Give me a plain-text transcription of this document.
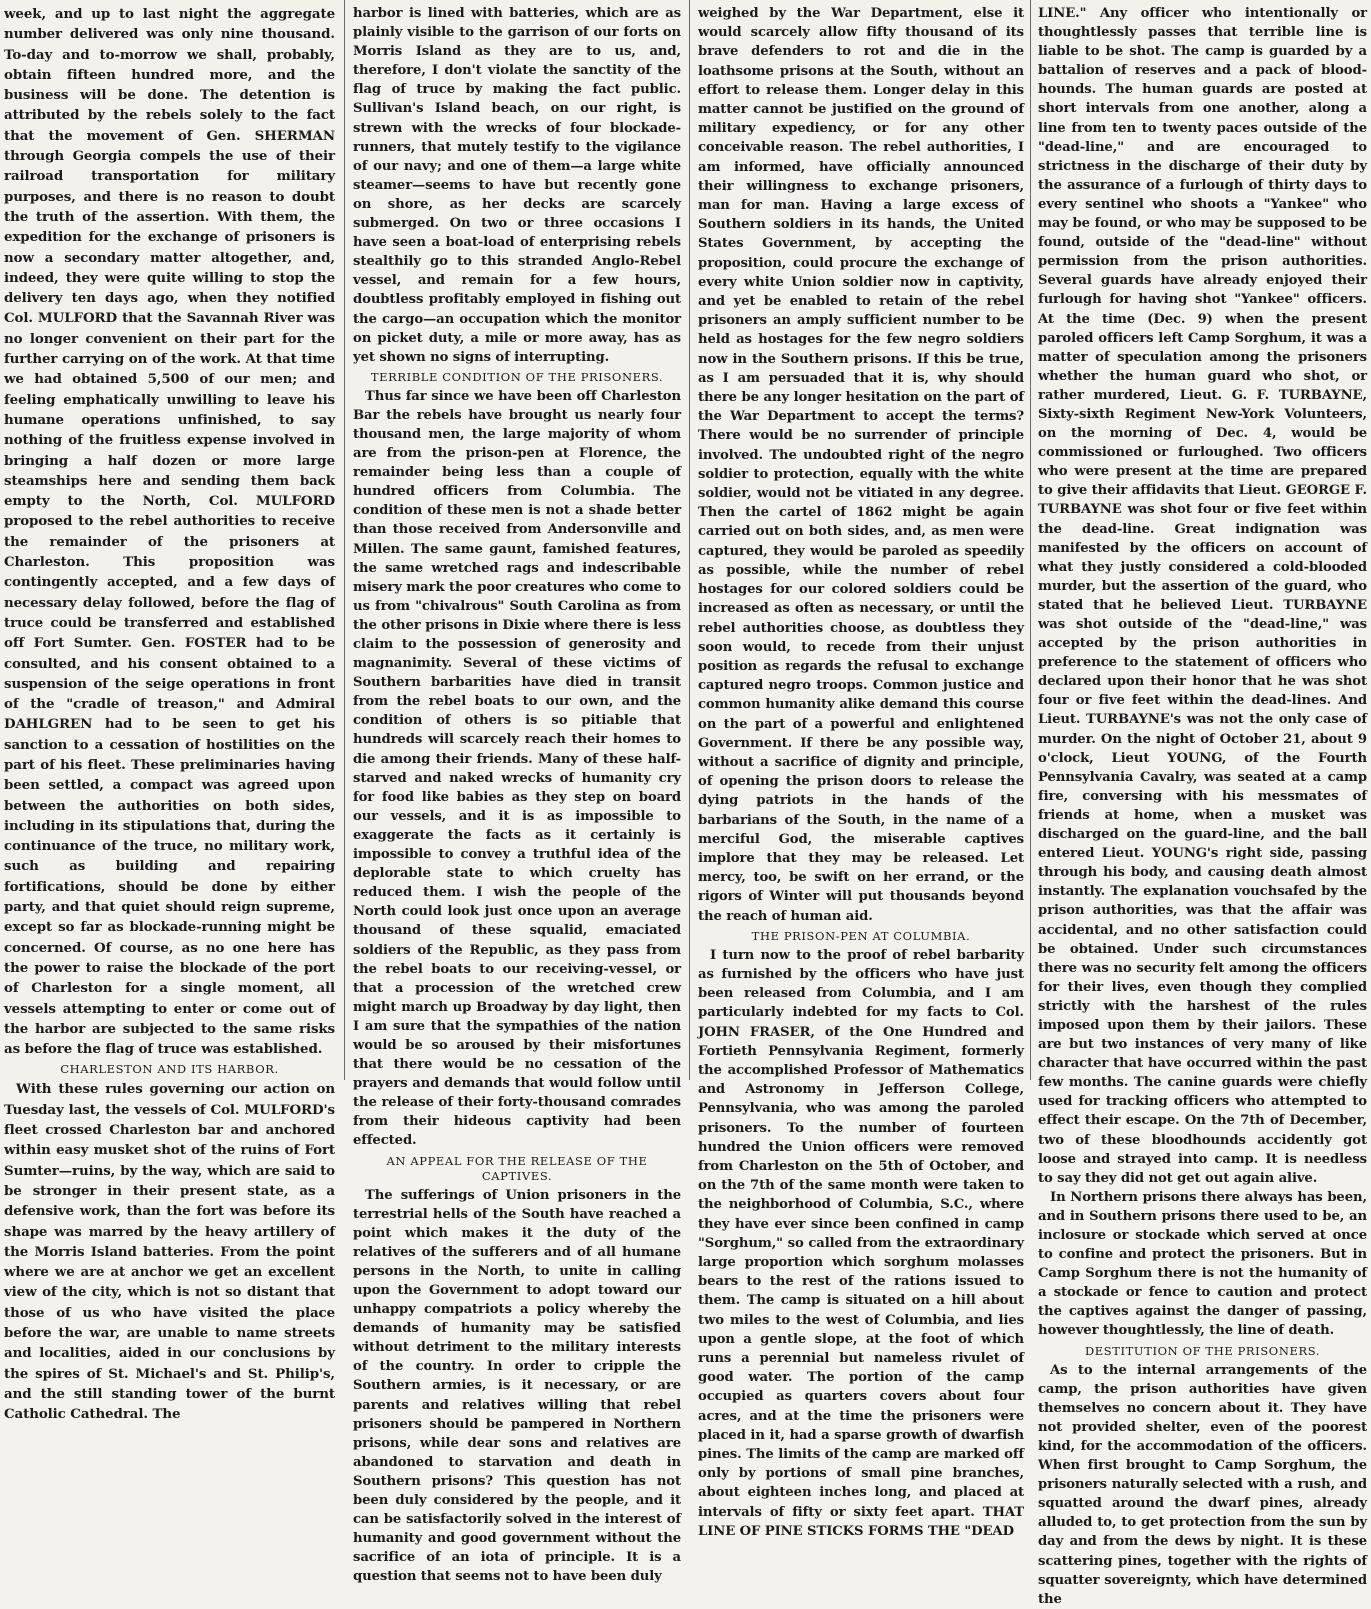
week, and up to last night the aggregate number delivered was only nine thousand. To-day and to-morrow we shall, probably, obtain fifteen hundred more, and the business will be done. The detention is attributed by the rebels solely to the fact that the movement of Gen. SHERMAN through Georgia compels the use of their railroad transportation for military purposes, and there is no reason to doubt the truth of the assertion. With them, the expedition for the exchange of prisoners is now a secondary matter altogether, and, indeed, they were quite willing to stop the delivery ten days ago, when they notified Col. MULFORD that the Savannah River was no longer convenient on their part for the further carrying on of the work. At that time we had obtained 5,500 of our men; and feeling emphatically unwilling to leave his humane operations unfinished, to say nothing of the fruitless expense involved in bringing a half dozen or more large steamships here and sending them back empty to the North, Col. MULFORD proposed to the rebel authorities to receive the remainder of the prisoners at Charleston. This proposition was contingently accepted, and a few days of necessary delay followed, before the flag of truce could be transferred and established off Fort Sumter. Gen. FOSTER had to be consulted, and his consent obtained to a suspension of the seige operations in front of the "cradle of treason," and Admiral DAHLGREN had to be seen to get his sanction to a cessation of hostilities on the part of his fleet. These preliminaries having been settled, a compact was agreed upon between the authorities on both sides, including in its stipulations that, during the continuance of the truce, no military work, such as building and repairing fortifications, should be done by either party, and that quiet should reign supreme, except so far as blockade-running might be concerned. Of course, as no one here has the power to raise the blockade of the port of Charleston for a single moment, all vessels attempting to enter or come out of the harbor are subjected to the same risks as before the flag of truce was established.

CHARLESTON AND ITS HARBOR.

With these rules governing our action on Tuesday last, the vessels of Col. MULFORD's fleet crossed Charleston bar and anchored within easy musket shot of the ruins of Fort Sumter—ruins, by the way, which are said to be stronger in their present state, as a defensive work, than the fort was before its shape was marred by the heavy artillery of the Morris Island batteries. From the point where we are at anchor we get an excellent view of the city, which is not so distant that those of us who have visited the place before the war, are unable to name streets and localities, aided in our conclusions by the spires of St. Michael's and St. Philip's, and the still standing tower of the burnt Catholic Cathedral. The

harbor is lined with batteries, which are as plainly visible to the garrison of our forts on Morris Island as they are to us, and, therefore, I don't violate the sanctity of the flag of truce by making the fact public. Sullivan's Island beach, on our right, is strewn with the wrecks of four blockade-runners, that mutely testify to the vigilance of our navy; and one of them—a large white steamer—seems to have but recently gone on shore, as her decks are scarcely submerged. On two or three occasions I have seen a boat-load of enterprising rebels stealthily go to this stranded Anglo-Rebel vessel, and remain for a few hours, doubtless profitably employed in fishing out the cargo—an occupation which the monitor on picket duty, a mile or more away, has as yet shown no signs of interrupting.

TERRIBLE CONDITION OF THE PRISONERS.

Thus far since we have been off Charleston Bar the rebels have brought us nearly four thousand men, the large majority of whom are from the prison-pen at Florence, the remainder being less than a couple of hundred officers from Columbia. The condition of these men is not a shade better than those received from Andersonville and Millen. The same gaunt, famished features, the same wretched rags and indescribable misery mark the poor creatures who come to us from "chivalrous" South Carolina as from the other prisons in Dixie where there is less claim to the possession of generosity and magnanimity. Several of these victims of Southern barbarities have died in transit from the rebel boats to our own, and the condition of others is so pitiable that hundreds will scarcely reach their homes to die among their friends. Many of these half-starved and naked wrecks of humanity cry for food like babies as they step on board our vessels, and it is as impossible to exaggerate the facts as it certainly is impossible to convey a truthful idea of the deplorable state to which cruelty has reduced them. I wish the people of the North could look just once upon an average thousand of these squalid, emaciated soldiers of the Republic, as they pass from the rebel boats to our receiving-vessel, or that a procession of the wretched crew might march up Broadway by day light, then I am sure that the sympathies of the nation would be so aroused by their misfortunes that there would be no cessation of the prayers and demands that would follow until the release of their forty-thousand comrades from their hideous captivity had been effected.

AN APPEAL FOR THE RELEASE OF THE CAPTIVES.

The sufferings of Union prisoners in the terrestrial hells of the South have reached a point which makes it the duty of the relatives of the sufferers and of all humane persons in the North, to unite in calling upon the Government to adopt toward our unhappy compatriots a policy whereby the demands of humanity may be satisfied without detriment to the military interests of the country. In order to cripple the Southern armies, is it necessary, or are parents and relatives willing that rebel prisoners should be pampered in Northern prisons, while dear sons and relatives are abandoned to starvation and death in Southern prisons? This question has not been duly considered by the people, and it can be satisfactorily solved in the interest of humanity and good government without the sacrifice of an iota of principle. It is a question that seems not to have been duly

weighed by the War Department, else it would scarcely allow fifty thousand of its brave defenders to rot and die in the loathsome prisons at the South, without an effort to release them. Longer delay in this matter cannot be justified on the ground of military expediency, or for any other conceivable reason. The rebel authorities, I am informed, have officially announced their willingness to exchange prisoners, man for man. Having a large excess of Southern soldiers in its hands, the United States Government, by accepting the proposition, could procure the exchange of every white Union soldier now in captivity, and yet be enabled to retain of the rebel prisoners an amply sufficient number to be held as hostages for the few negro soldiers now in the Southern prisons. If this be true, as I am persuaded that it is, why should there be any longer hesitation on the part of the War Department to accept the terms? There would be no surrender of principle involved. The undoubted right of the negro soldier to protection, equally with the white soldier, would not be vitiated in any degree. Then the cartel of 1862 might be again carried out on both sides, and, as men were captured, they would be paroled as speedily as possible, while the number of rebel hostages for our colored soldiers could be increased as often as necessary, or until the rebel authorities choose, as doubtless they soon would, to recede from their unjust position as regards the refusal to exchange captured negro troops. Common justice and common humanity alike demand this course on the part of a powerful and enlightened Government. If there be any possible way, without a sacrifice of dignity and principle, of opening the prison doors to release the dying patriots in the hands of the barbarians of the South, in the name of a merciful God, the miserable captives implore that they may be released. Let mercy, too, be swift on her errand, or the rigors of Winter will put thousands beyond the reach of human aid.

THE PRISON-PEN AT COLUMBIA.

I turn now to the proof of rebel barbarity as furnished by the officers who have just been released from Columbia, and I am particularly indebted for my facts to Col. JOHN FRASER, of the One Hundred and Fortieth Pennsylvania Regiment, formerly the accomplished Professor of Mathematics and Astronomy in Jefferson College, Pennsylvania, who was among the paroled prisoners. To the number of fourteen hundred the Union officers were removed from Charleston on the 5th of October, and on the 7th of the same month were taken to the neighborhood of Columbia, S.C., where they have ever since been confined in camp "Sorghum," so called from the extraordinary large proportion which sorghum molasses bears to the rest of the rations issued to them. The camp is situated on a hill about two miles to the west of Columbia, and lies upon a gentle slope, at the foot of which runs a perennial but nameless rivulet of good water. The portion of the camp occupied as quarters covers about four acres, and at the time the prisoners were placed in it, had a sparse growth of dwarfish pines. The limits of the camp are marked off only by portions of small pine branches, about eighteen inches long, and placed at intervals of fifty or sixty feet apart. THAT LINE OF PINE STICKS FORMS THE "DEAD

LINE." Any officer who intentionally or thoughtlessly passes that terrible line is liable to be shot. The camp is guarded by a battalion of reserves and a pack of blood-hounds. The human guards are posted at short intervals from one another, along a line from ten to twenty paces outside of the "dead-line," and are encouraged to strictness in the discharge of their duty by the assurance of a furlough of thirty days to every sentinel who shoots a "Yankee" who may be found, or who may be supposed to be found, outside of the "dead-line" without permission from the prison authorities. Several guards have already enjoyed their furlough for having shot "Yankee" officers. At the time (Dec. 9) when the present paroled officers left Camp Sorghum, it was a matter of speculation among the prisoners whether the human guard who shot, or rather murdered, Lieut. G. F. TURBAYNE, Sixty-sixth Regiment New-York Volunteers, on the morning of Dec. 4, would be commissioned or furloughed. Two officers who were present at the time are prepared to give their affidavits that Lieut. GEORGE F. TURBAYNE was shot four or five feet within the dead-line. Great indignation was manifested by the officers on account of what they justly considered a cold-blooded murder, but the assertion of the guard, who stated that he believed Lieut. TURBAYNE was shot outside of the "dead-line," was accepted by the prison authorities in preference to the statement of officers who declared upon their honor that he was shot four or five feet within the dead-lines. And Lieut. TURBAYNE's was not the only case of murder. On the night of October 21, about 9 o'clock, Lieut YOUNG, of the Fourth Pennsylvania Cavalry, was seated at a camp fire, conversing with his messmates of friends at home, when a musket was discharged on the guard-line, and the ball entered Lieut. YOUNG's right side, passing through his body, and causing death almost instantly. The explanation vouchsafed by the prison authorities, was that the affair was accidental, and no other satisfaction could be obtained. Under such circumstances there was no security felt among the officers for their lives, even though they complied strictly with the harshest of the rules imposed upon them by their jailors. These are but two instances of very many of like character that have occurred within the past few months. The canine guards were chiefly used for tracking officers who attempted to effect their escape. On the 7th of December, two of these bloodhounds accidently got loose and strayed into camp. It is needless to say they did not get out again alive.

In Northern prisons there always has been, and in Southern prisons there used to be, an inclosure or stockade which served at once to confine and protect the prisoners. But in Camp Sorghum there is not the humanity of a stockade or fence to caution and protect the captives against the danger of passing, however thoughtlessly, the line of death.

DESTITUTION OF THE PRISONERS.

As to the internal arrangements of the camp, the prison authorities have given themselves no concern about it. They have not provided shelter, even of the poorest kind, for the accommodation of the officers. When first brought to Camp Sorghum, the prisoners naturally selected with a rush, and squatted around the dwarf pines, already alluded to, to get protection from the sun by day and from the dews by night. It is these scattering pines, together with the rights of squatter sovereignty, which have determined the
